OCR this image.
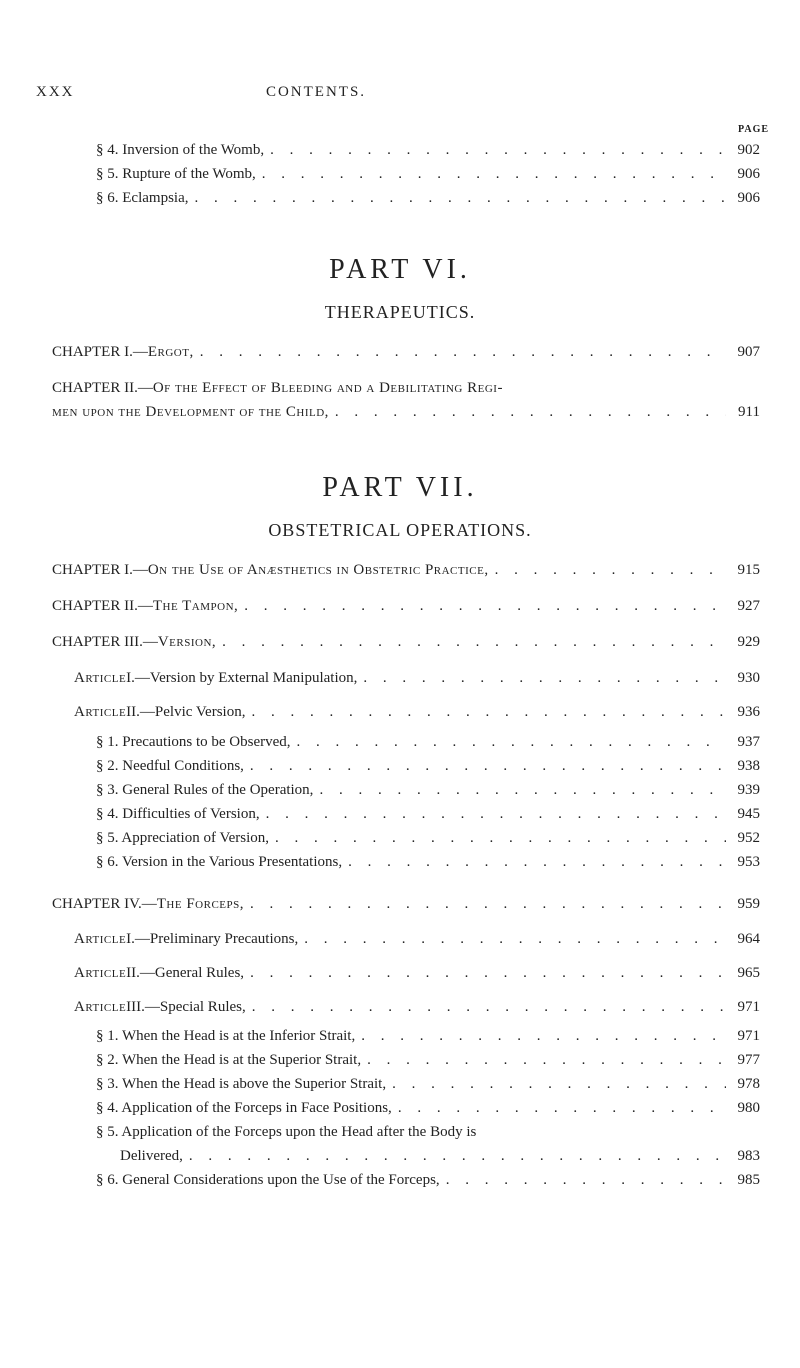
XXX	CONTENTS.
PAGE
§ 4. Inversion of the Womb, . . .	902
§ 5. Rupture of the Womb, . . .	906
§ 6. Eclampsia, . . .	906
PART VI.
THERAPEUTICS.
CHAPTER I.— Ergot, . . .	907
CHAPTER II.—Of the Effect of Bleeding and a Debilitating Regi-
men upon the Development of the Child, . . .	911
PART VII.
OBSTETRICAL OPERATIONS.
CHAPTER I.— On the Use of Anæsthetics in Obstetric Practice, . . .	915
CHAPTER II.— The Tampon, . . .	927
CHAPTER III.— Version, . . .	929
Article I.—Version by External Manipulation, . . .	930
Article II.—Pelvic Version, . . .	936
§ 1. Precautions to be Observed, . . .	937
§ 2. Needful Conditions, . . .	938
§ 3. General Rules of the Operation, . . .	939
§ 4. Difficulties of Version, . . .	945
§ 5. Appreciation of Version, . . .	952
§ 6. Version in the Various Presentations, . . .	953
CHAPTER IV.— The Forceps, . . .	959
Article I.—Preliminary Precautions, . . .	964
Article II.—General Rules, . . .	965
Article III.—Special Rules, . . .	971
§ 1. When the Head is at the Inferior Strait, . . .	971
§ 2. When the Head is at the Superior Strait, . . .	977
§ 3. When the Head is above the Superior Strait, . . .	978
§ 4. Application of the Forceps in Face Positions, . . .	980
§ 5. Application of the Forceps upon the Head after the Body is
Delivered, . . .	983
§ 6. General Considerations upon the Use of the Forceps, . . .	985
